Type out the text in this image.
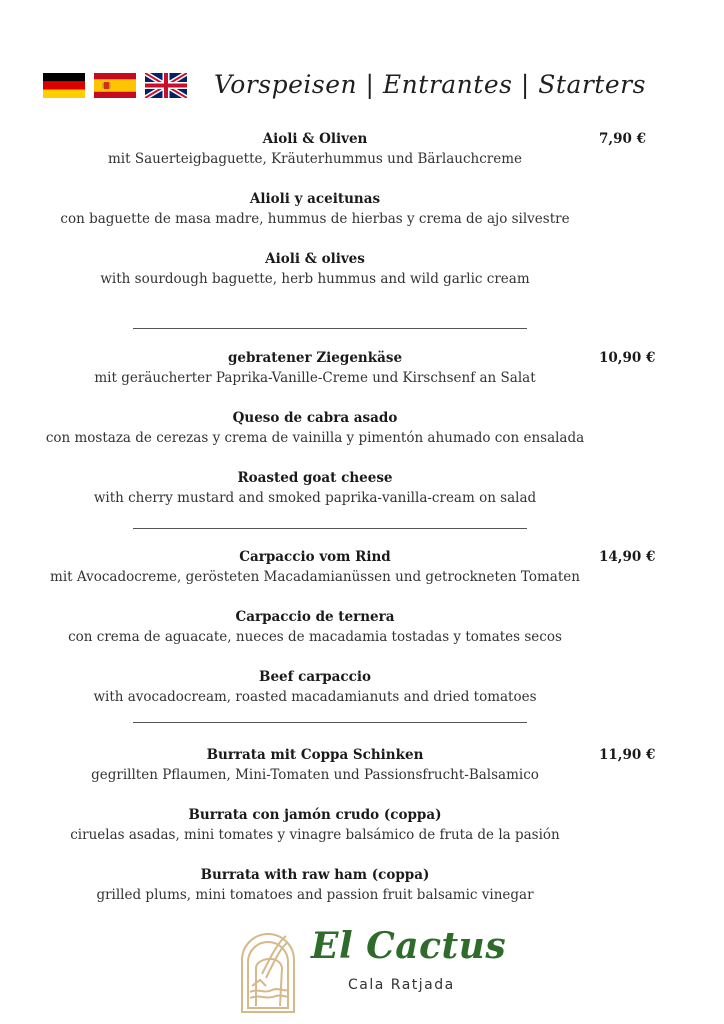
Vorspeisen | Entrantes | Starters
Aioli & Oliven
mit Sauerteigbaguette, Kräuterhummus und Bärlauchcreme
Alioli y aceitunas
con baguette de masa madre, hummus de hierbas y crema de ajo silvestre
Aioli & olives
with sourdough baguette, herb hummus and wild garlic cream
7,90 €
gebratener Ziegenkäse
mit geräucherter Paprika-Vanille-Creme und Kirschsenf an Salat
Queso de cabra asado
con mostaza de cerezas y crema de vainilla y pimentón ahumado con ensalada
Roasted goat cheese
with cherry mustard and smoked paprika-vanilla-cream on salad
10,90 €
Carpaccio vom Rind
mit Avocadocreme, gerösteten Macadamianüssen und getrockneten Tomaten
Carpaccio de ternera
con crema de aguacate, nueces de macadamia tostadas y tomates secos
Beef carpaccio
with avocadocream, roasted macadamianuts and dried tomatoes
14,90 €
Burrata mit Coppa Schinken
gegrillten Pflaumen, Mini-Tomaten und Passionsfrucht-Balsamico
Burrata con jamón crudo (coppa)
ciruelas asadas, mini tomates y vinagre balsámico de fruta de la pasión
Burrata with raw ham (coppa)
grilled plums, mini tomatoes and passion fruit balsamic vinegar
11,90 €
El Cactus
Cala Ratjada
